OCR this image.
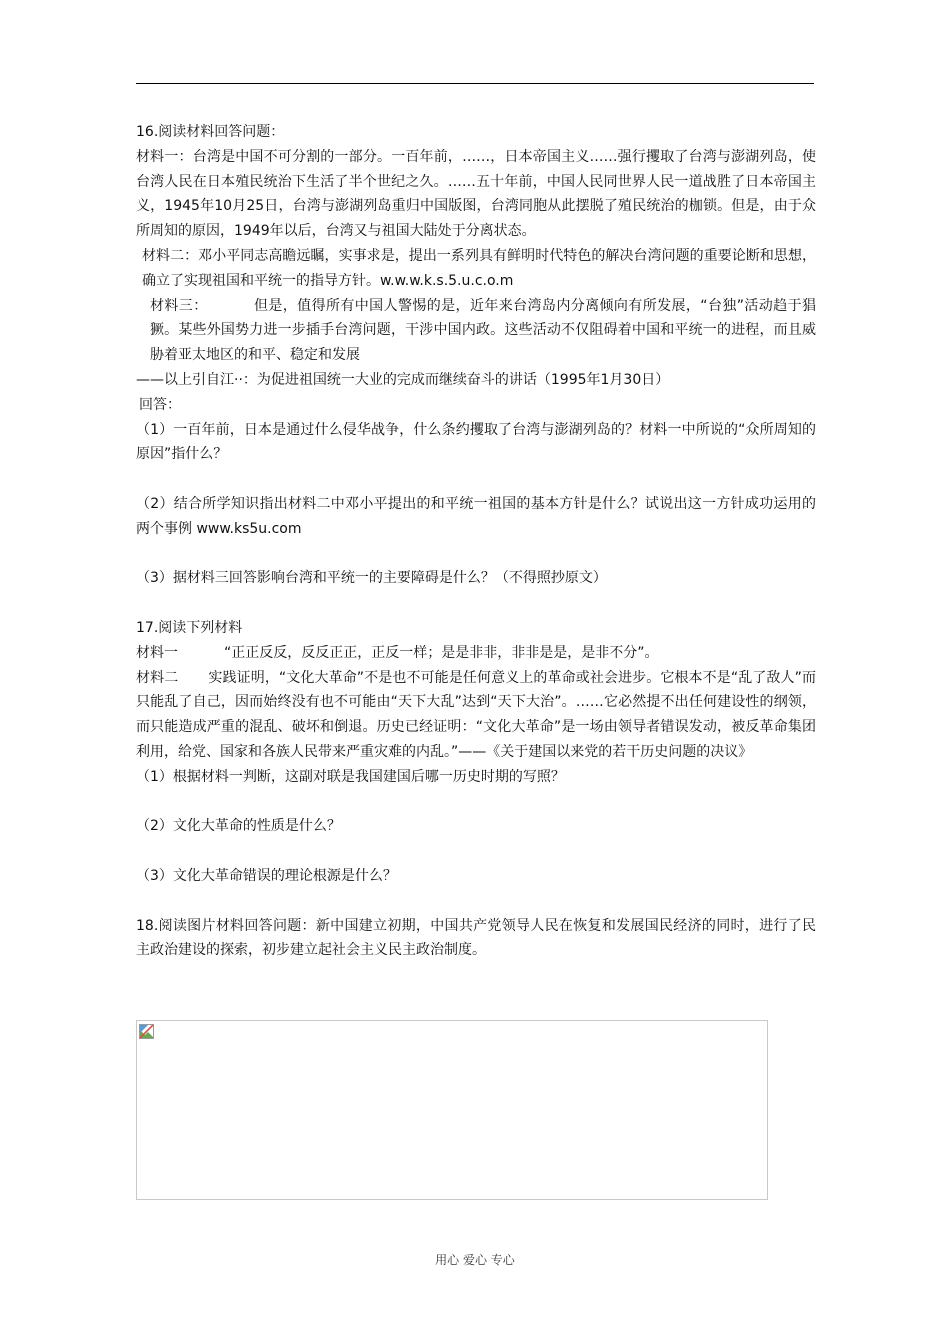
16.阅读材料回答问题：

材料一：台湾是中国不可分割的一部分。一百年前，……，日本帝国主义……强行攫取了台湾与澎湖列岛，使台湾人民在日本殖民统治下生活了半个世纪之久。……五十年前，中国人民同世界人民一道战胜了日本帝国主义，1945年10月25日，台湾与澎湖列岛重归中国版图，台湾同胞从此摆脱了殖民统治的枷锁。但是，由于众所周知的原因，1949年以后，台湾又与祖国大陆处于分离状态。

材料二：邓小平同志高瞻远瞩，实事求是，提出一系列具有鲜明时代特色的解决台湾问题的重要论断和思想，确立了实现祖国和平统一的指导方针。w.w.w.k.s.5.u.c.o.m

材料三：	但是，值得所有中国人警惕的是，近年来台湾岛内分离倾向有所发展，“台独”活动趋于猖獗。某些外国势力进一步插手台湾问题，干涉中国内政。这些活动不仅阻碍着中国和平统一的进程，而且威胁着亚太地区的和平、稳定和发展

——以上引自江··：为促进祖国统一大业的完成而继续奋斗的讲话（1995年1月30日）

回答：

（1）一百年前，日本是通过什么侵华战争，什么条约攫取了台湾与澎湖列岛的？材料一中所说的“众所周知的原因”指什么？

（2）结合所学知识指出材料二中邓小平提出的和平统一祖国的基本方针是什么？试说出这一方针成功运用的两个事例 www.ks5u.com

（3）据材料三回答影响台湾和平统一的主要障碍是什么？（不得照抄原文）

17.阅读下列材料

材料一	“正正反反，反反正正，正反一样；是是非非，非非是是，是非不分”。

材料二 实践证明，“文化大革命”不是也不可能是任何意义上的革命或社会进步。它根本不是“乱了敌人”而只能乱了自己，因而始终没有也不可能由“天下大乱”达到“天下大治”。……它必然提不出任何建设性的纲领，而只能造成严重的混乱、破坏和倒退。历史已经证明：“文化大革命”是一场由领导者错误发动，被反革命集团利用，给党、国家和各族人民带来严重灾难的内乱。”——《关于建国以来党的若干历史问题的决议》

（1）根据材料一判断，这副对联是我国建国后哪一历史时期的写照？

（2）文化大革命的性质是什么？

（3）文化大革命错误的理论根源是什么？

18.阅读图片材料回答问题：新中国建立初期，中国共产党领导人民在恢复和发展国民经济的同时，进行了民主政治建设的探索，初步建立起社会主义民主政治制度。

用心 爱心 专心
